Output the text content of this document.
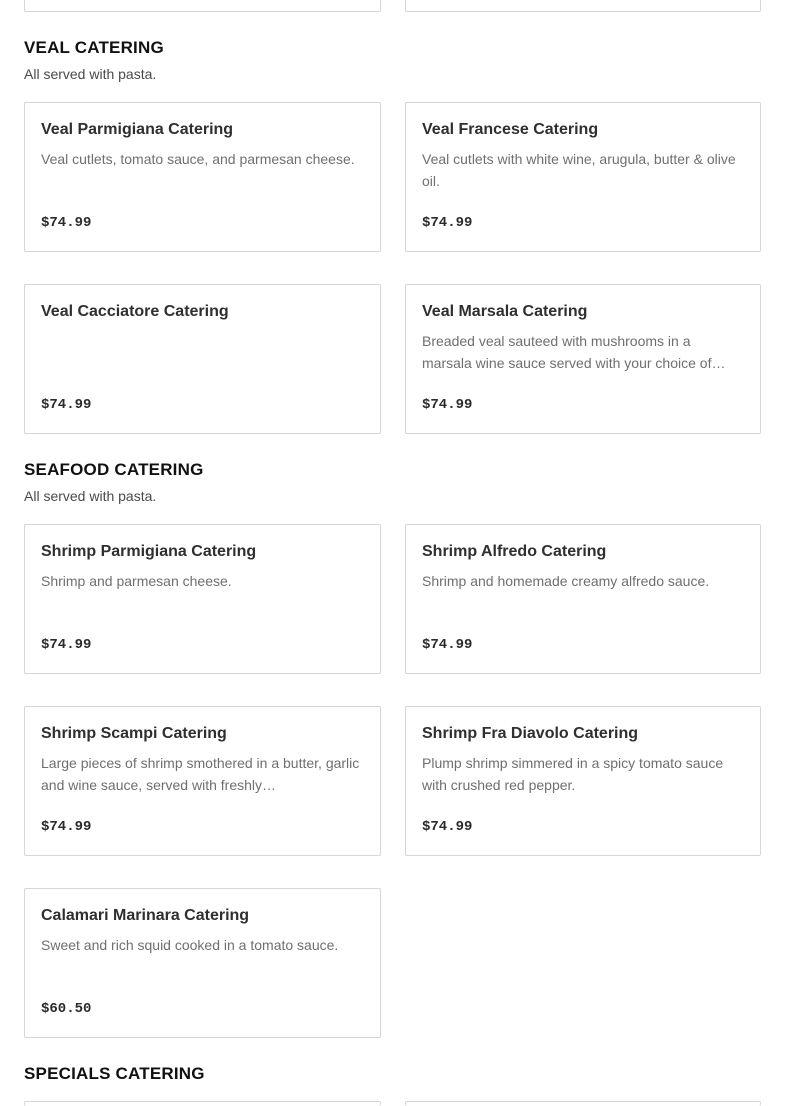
VEAL CATERING

All served with pasta.

Veal Parmigiana Catering
Veal cutlets, tomato sauce, and parmesan cheese.
$74.99
Veal Francese Catering
Veal cutlets with white wine, arugula, butter & olive oil.
$74.99
Veal Cacciatore Catering
$74.99
Veal Marsala Catering
Breaded veal sauteed with mushrooms in a marsala wine sauce served with your choice of…
$74.99
SEAFOOD CATERING

All served with pasta.

Shrimp Parmigiana Catering
Shrimp and parmesan cheese.
$74.99
Shrimp Alfredo Catering
Shrimp and homemade creamy alfredo sauce.
$74.99
Shrimp Scampi Catering
Large pieces of shrimp smothered in a butter, garlic and wine sauce, served with freshly…
$74.99
Shrimp Fra Diavolo Catering
Plump shrimp simmered in a spicy tomato sauce with crushed red pepper.
$74.99
Calamari Marinara Catering
Sweet and rich squid cooked in a tomato sauce.
$60.50
SPECIALS CATERING
